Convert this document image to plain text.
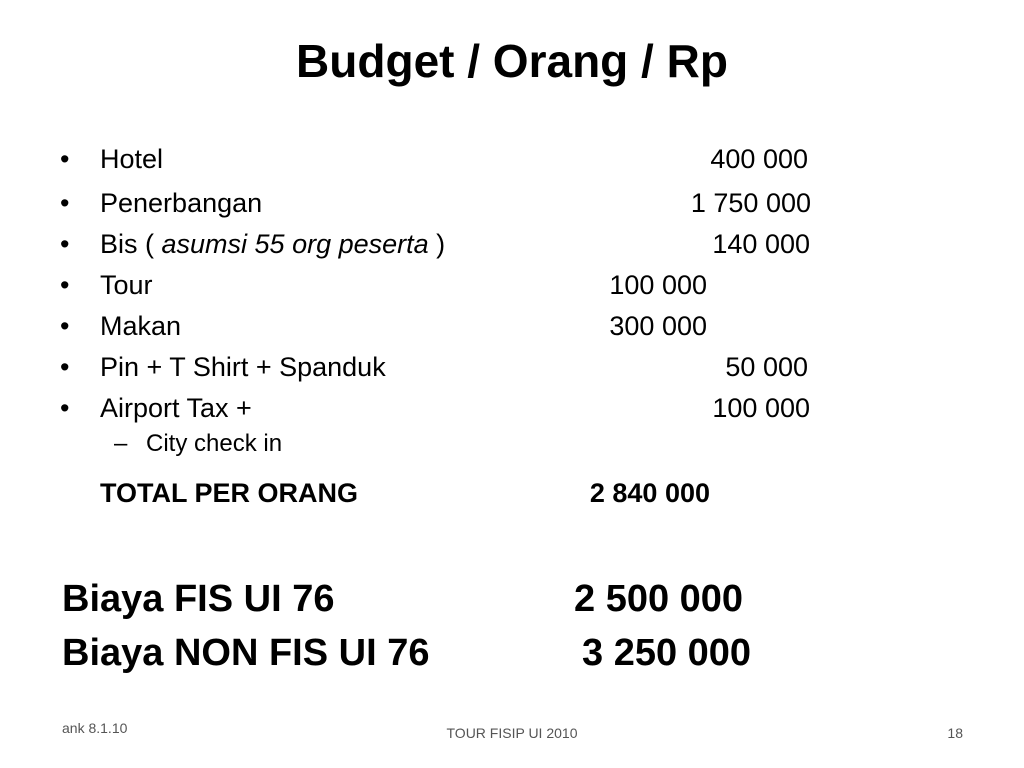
Budget / Orang / Rp
•	Hotel	400 000
•	Penerbangan	1 750 000
•	Bis ( asumsi 55 org peserta )	140 000
•	Tour	100 000
•	Makan	300 000
•	Pin + T Shirt + Spanduk	50 000
•	Airport Tax +	100 000
– City check in
TOTAL PER ORANG	2 840 000
Biaya FIS UI 76	2 500 000
Biaya NON FIS UI 76	3 250 000
ank 8.1.10	TOUR FISIP UI 2010	18
